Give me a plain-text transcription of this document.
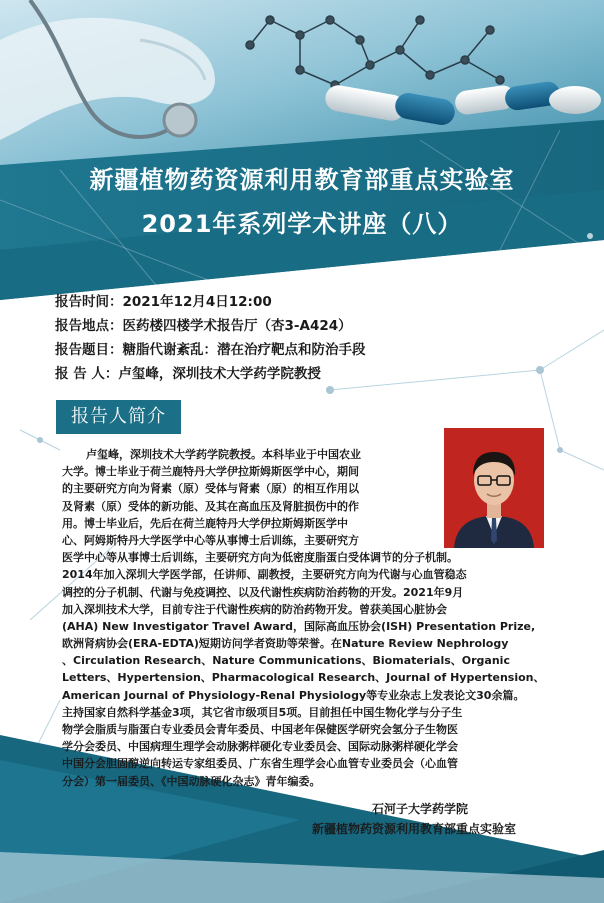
新疆植物药资源利用教育部重点实验室
2021年系列学术讲座（八）
报告时间：2021年12月4日12:00
报告地点：医药楼四楼学术报告厅（杏3-A424）
报告题目：糖脂代谢紊乱：潜在治疗靶点和防治手段
报 告 人：卢玺峰，深圳技术大学药学院教授
报告人简介
卢玺峰，深圳技术大学药学院教授。本科毕业于中国农业
大学。博士毕业于荷兰鹿特丹大学伊拉斯姆斯医学中心，期间
的主要研究方向为肾素（原）受体与肾素（原）的相互作用以
及肾素（原）受体的新功能、及其在高血压及肾脏损伤中的作
用。博士毕业后，先后在荷兰鹿特丹大学伊拉斯姆斯医学中
心、阿姆斯特丹大学医学中心等从事博士后训练，主要研究方
医学中心等从事博士后训练，主要研究方向为低密度脂蛋白受体调节的分子机制。
2014年加入深圳大学医学部，任讲师、副教授，主要研究方向为代谢与心血管稳态
调控的分子机制、代谢与免疫调控、以及代谢性疾病防治药物的开发。2021年9月
加入深圳技术大学，目前专注于代谢性疾病的防治药物开发。曾获美国心脏协会
(AHA) New Investigator Travel Award，国际高血压协会(ISH) Presentation Prize,
欧洲肾病协会(ERA-EDTA)短期访问学者资助等荣誉。在Nature Review Nephrology
、Circulation Research、Nature Communications、Biomaterials、Organic
Letters、Hypertension、Pharmacological Research、Journal of Hypertension、
American Journal of Physiology-Renal Physiology等专业杂志上发表论文30余篇。
主持国家自然科学基金3项，其它省市级项目5项。目前担任中国生物化学与分子生
物学会脂质与脂蛋白专业委员会青年委员、中国老年保健医学研究会氢分子生物医
学分会委员、中国病理生理学会动脉粥样硬化专业委员会、国际动脉粥样硬化学会
中国分会胆固醇逆向转运专家组委员、广东省生理学会心血管专业委员会（心血管
分会）第一届委员、《中国动脉硬化杂志》青年编委。
石河子大学药学院
新疆植物药资源利用教育部重点实验室
